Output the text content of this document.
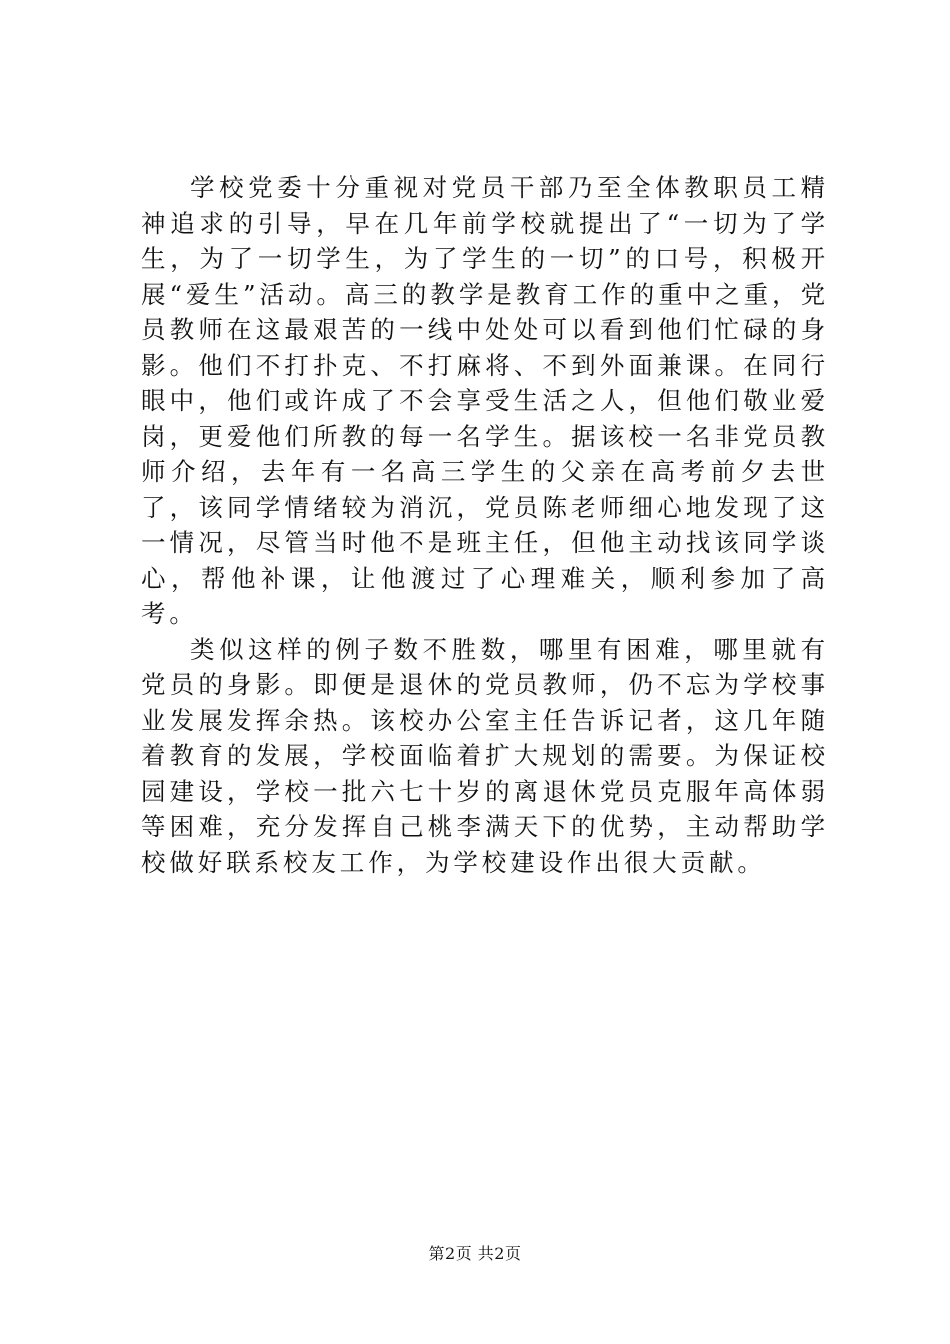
学校党委十分重视对党员干部乃至全体教职员工精神追求的引导，早在几年前学校就提出了“一切为了学生，为了一切学生，为了学生的一切”的口号，积极开展“爱生”活动。高三的教学是教育工作的重中之重，党员教师在这最艰苦的一线中处处可以看到他们忙碌的身影。他们不打扑克、不打麻将、不到外面兼课。在同行眼中，他们或许成了不会享受生活之人，但他们敬业爱岗，更爱他们所教的每一名学生。据该校一名非党员教师介绍，去年有一名高三学生的父亲在高考前夕去世了，该同学情绪较为消沉，党员陈老师细心地发现了这一情况，尽管当时他不是班主任，但他主动找该同学谈心，帮他补课，让他渡过了心理难关，顺利参加了高考。

类似这样的例子数不胜数，哪里有困难，哪里就有党员的身影。即便是退休的党员教师，仍不忘为学校事业发展发挥余热。该校办公室主任告诉记者，这几年随着教育的发展，学校面临着扩大规划的需要。为保证校园建设，学校一批六七十岁的离退休党员克服年高体弱等困难，充分发挥自己桃李满天下的优势，主动帮助学校做好联系校友工作，为学校建设作出很大贡献。

第2页 共2页
